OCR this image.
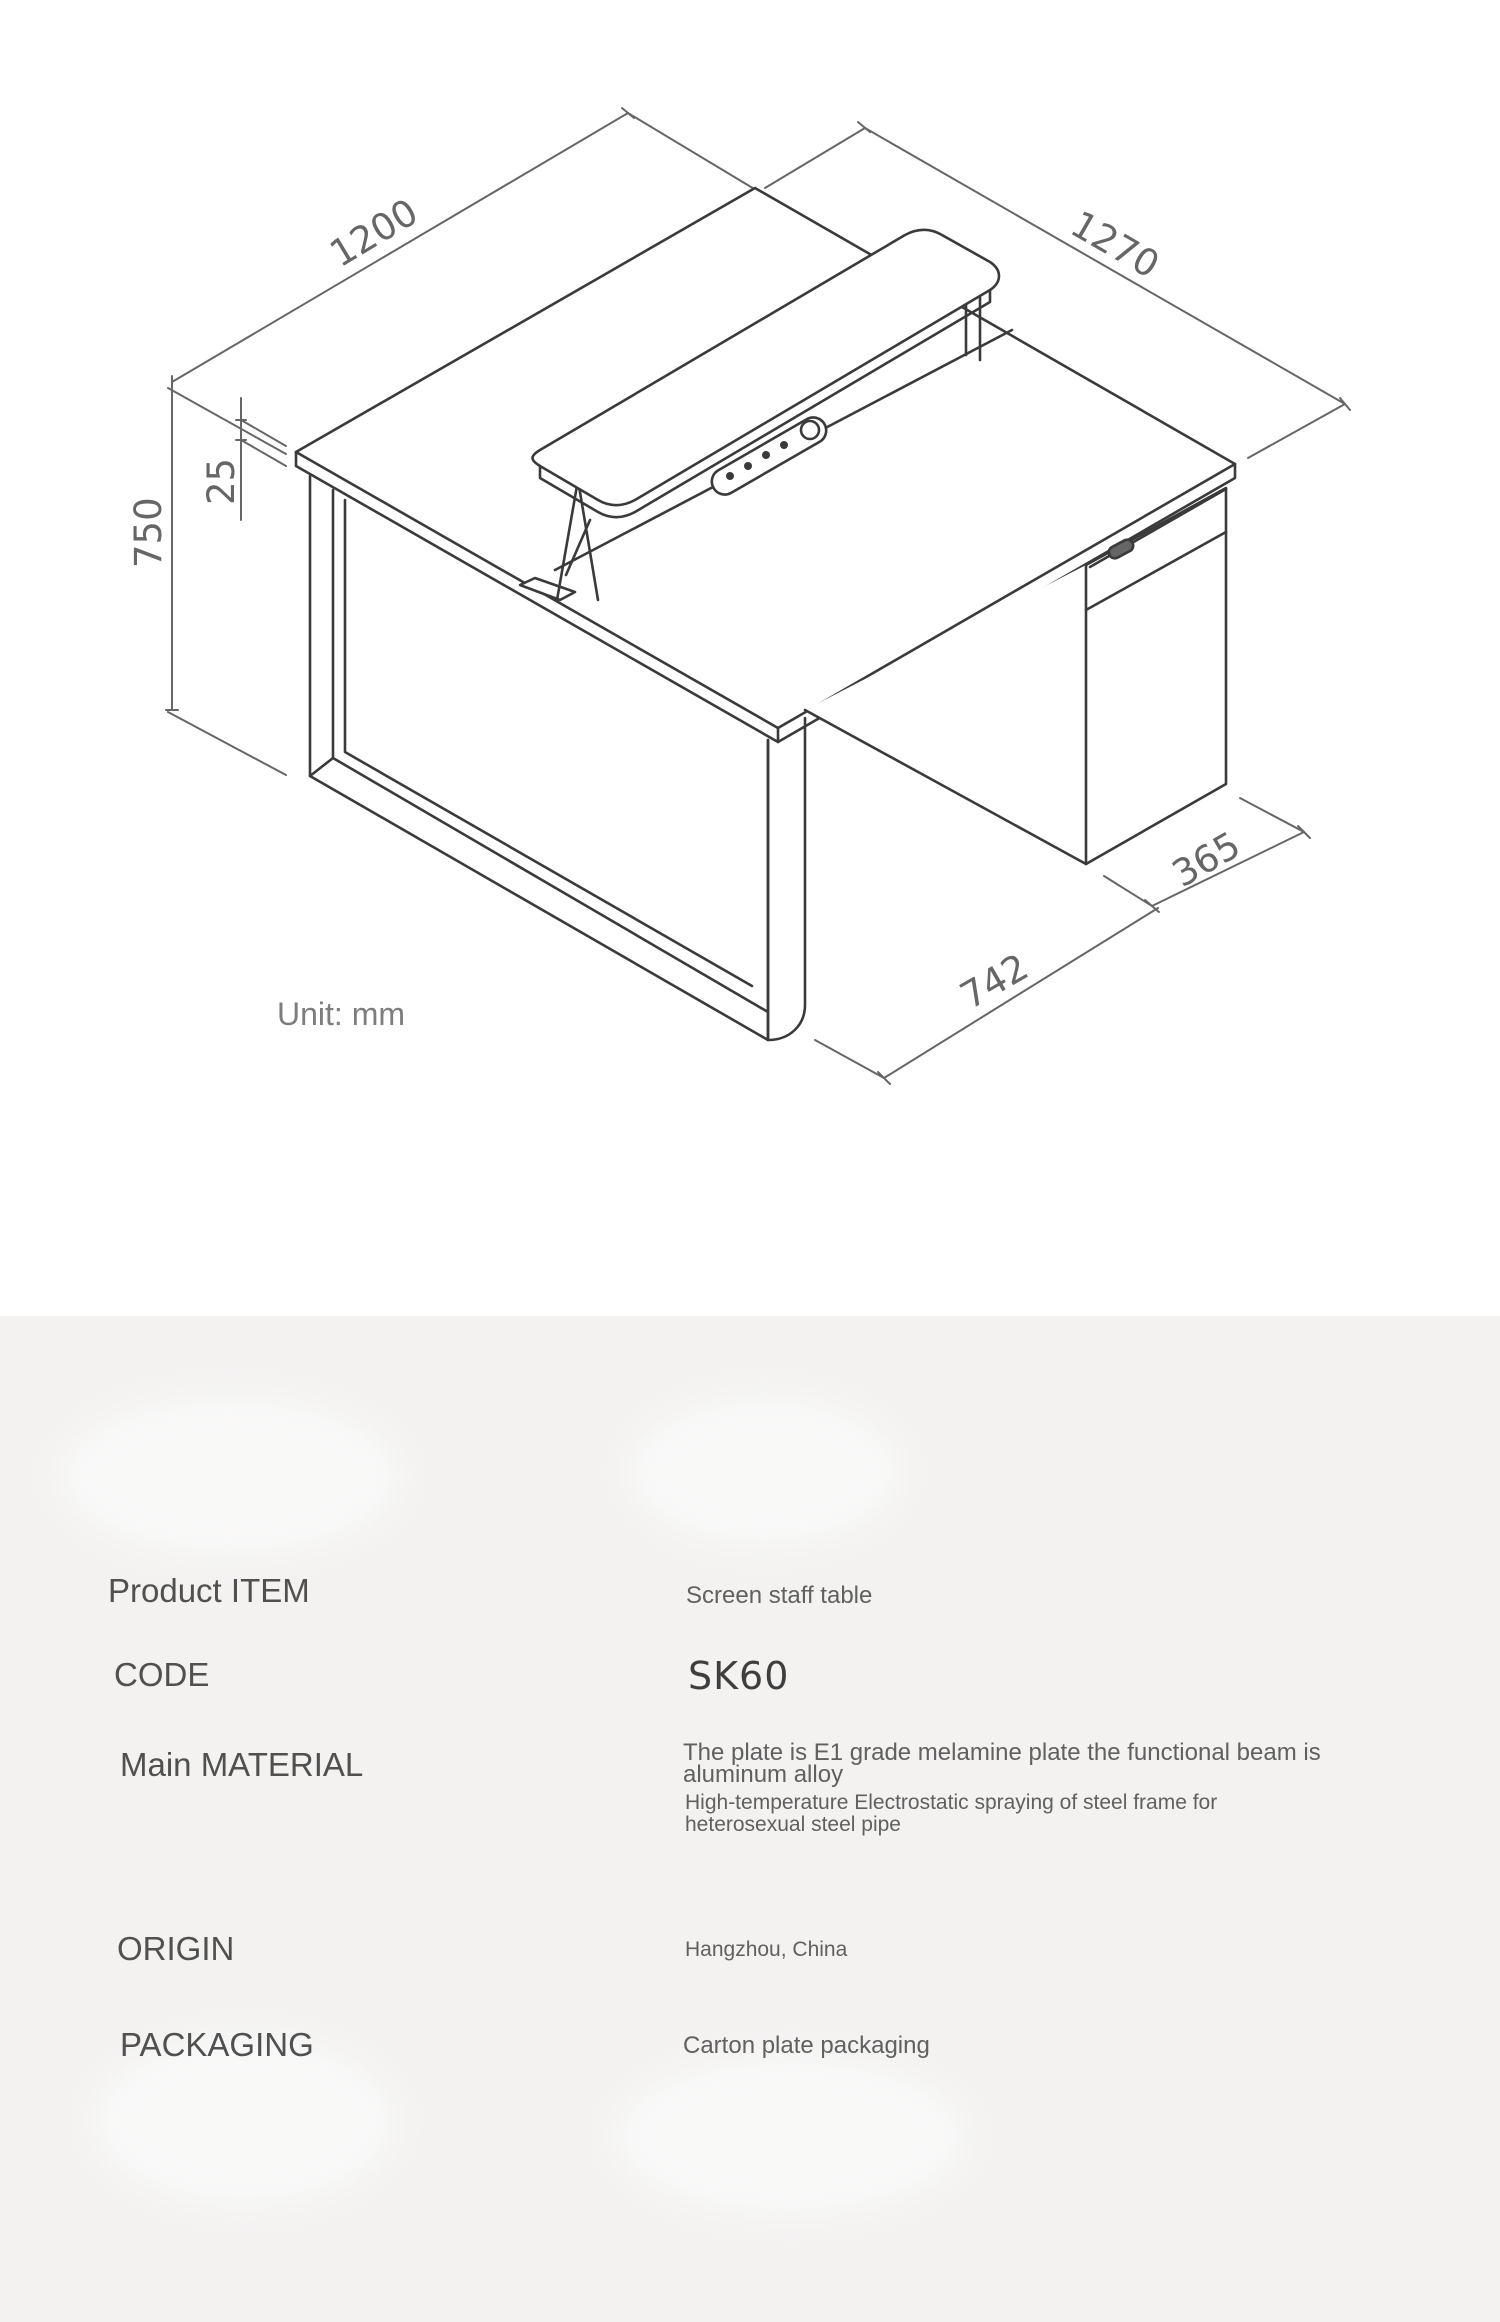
1200	1270
750
25
742
365
Unit: mm
Product ITEM	Screen staff table
CODE	SK60
Main MATERIAL	The plate is E1 grade melamine plate the functional beam is aluminum alloy
High-temperature Electrostatic spraying of steel frame for heterosexual steel pipe
ORIGIN	Hangzhou, China
PACKAGING	Carton plate packaging
